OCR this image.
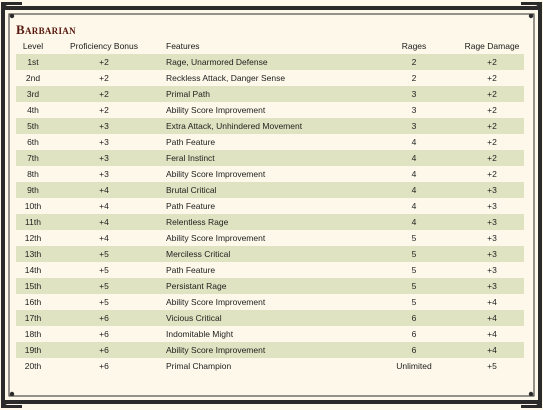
Barbarian
Level	Proficiency Bonus	Features	Rages	Rage Damage
1st	+2	Rage, Unarmored Defense	2	+2
2nd	+2	Reckless Attack, Danger Sense	2	+2
3rd	+2	Primal Path	3	+2
4th	+2	Ability Score Improvement	3	+2
5th	+3	Extra Attack, Unhindered Movement	3	+2
6th	+3	Path Feature	4	+2
7th	+3	Feral Instinct	4	+2
8th	+3	Ability Score Improvement	4	+2
9th	+4	Brutal Critical	4	+3
10th	+4	Path Feature	4	+3
11th	+4	Relentless Rage	4	+3
12th	+4	Ability Score Improvement	5	+3
13th	+5	Merciless Critical	5	+3
14th	+5	Path Feature	5	+3
15th	+5	Persistant Rage	5	+3
16th	+5	Ability Score Improvement	5	+4
17th	+6	Vicious Critical	6	+4
18th	+6	Indomitable Might	6	+4
19th	+6	Ability Score Improvement	6	+4
20th	+6	Primal Champion	Unlimited	+5
